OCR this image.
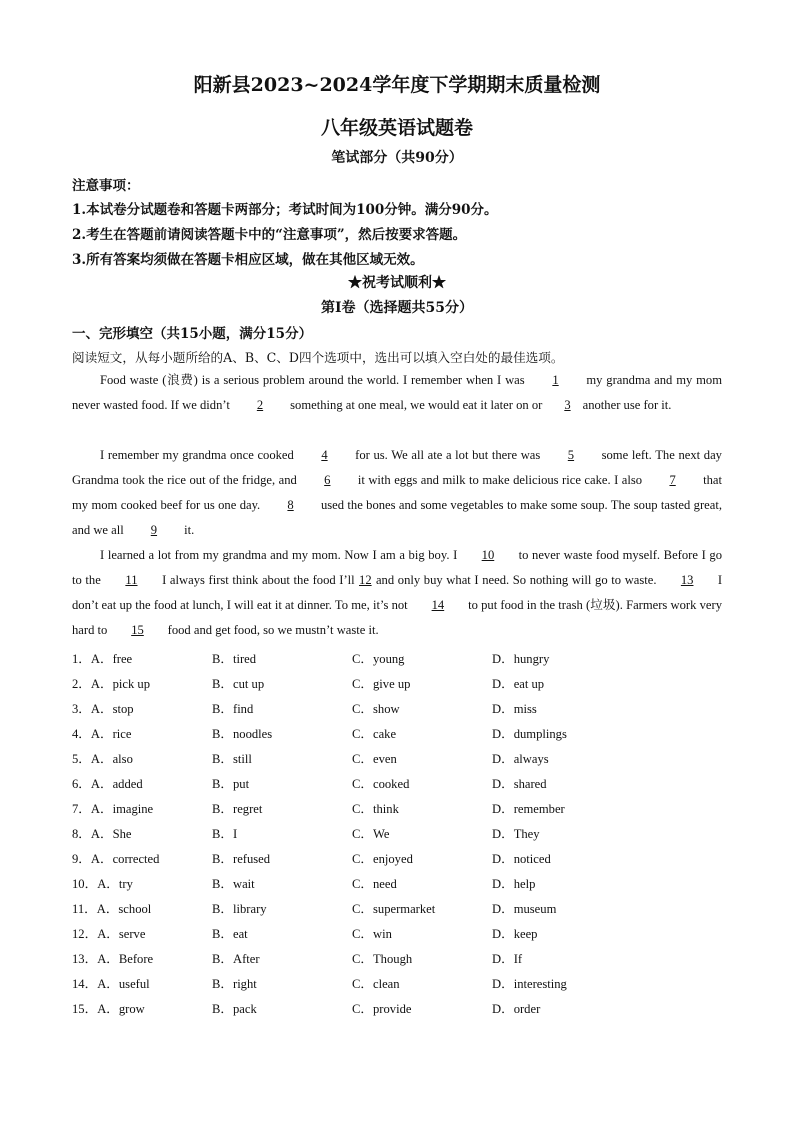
阳新县2023~2024学年度下学期期末质量检测
八年级英语试题卷
笔试部分（共90分）
注意事项：
1.本试卷分试题卷和答题卡两部分；考试时间为100分钟。满分90分。
2.考生在答题前请阅读答题卡中的“注意事项”，然后按要求答题。
3.所有答案均须做在答题卡相应区域，做在其他区域无效。
★祝考试顺利★
第Ⅰ卷（选择题共55分）
一、完形填空（共15小题，满分15分）
阅读短文，从每小题所给的A、B、C、D四个选项中，选出可以填入空白处的最佳选项。
Food waste (浪费) is a serious problem around the world. I remember when I was 1 my grandma and my mom never wasted food. If we didn’t 2 something at one meal, we would eat it later on or 3 another use for it.
I remember my grandma once cooked 4 for us. We all ate a lot but there was 5 some left. The next day Grandma took the rice out of the fridge, and 6 it with eggs and milk to make delicious rice cake. I also 7 that my mom cooked beef for us one day. 8 used the bones and some vegetables to make some soup. The soup tasted great, and we all 9 it.
I learned a lot from my grandma and my mom. Now I am a big boy. I 10 to never waste food myself. Before I go to the 11 I always first think about the food I’ll 12 and only buy what I need. So nothing will go to waste. 13 I don’t eat up the food at lunch, I will eat it at dinner. To me, it’s not 14 to put food in the trash (垃圾). Farmers work very hard to 15 food and get food, so we mustn’t waste it.
1．A．free	B．tired	C．young	D．hungry
2．A．pick up	B．cut up	C．give up	D．eat up
3．A．stop	B．find	C．show	D．miss
4．A．rice	B．noodles	C．cake	D．dumplings
5．A．also	B．still	C．even	D．always
6．A．added	B．put	C．cooked	D．shared
7．A．imagine	B．regret	C．think	D．remember
8．A．She	B．I	C．We	D．They
9．A．corrected	B．refused	C．enjoyed	D．noticed
10．A．try	B．wait	C．need	D．help
11．A．school	B．library	C．supermarket	D．museum
12．A．serve	B．eat	C．win	D．keep
13．A．Before	B．After	C．Though	D．If
14．A．useful	B．right	C．clean	D．interesting
15．A．grow	B．pack	C．provide	D．order
